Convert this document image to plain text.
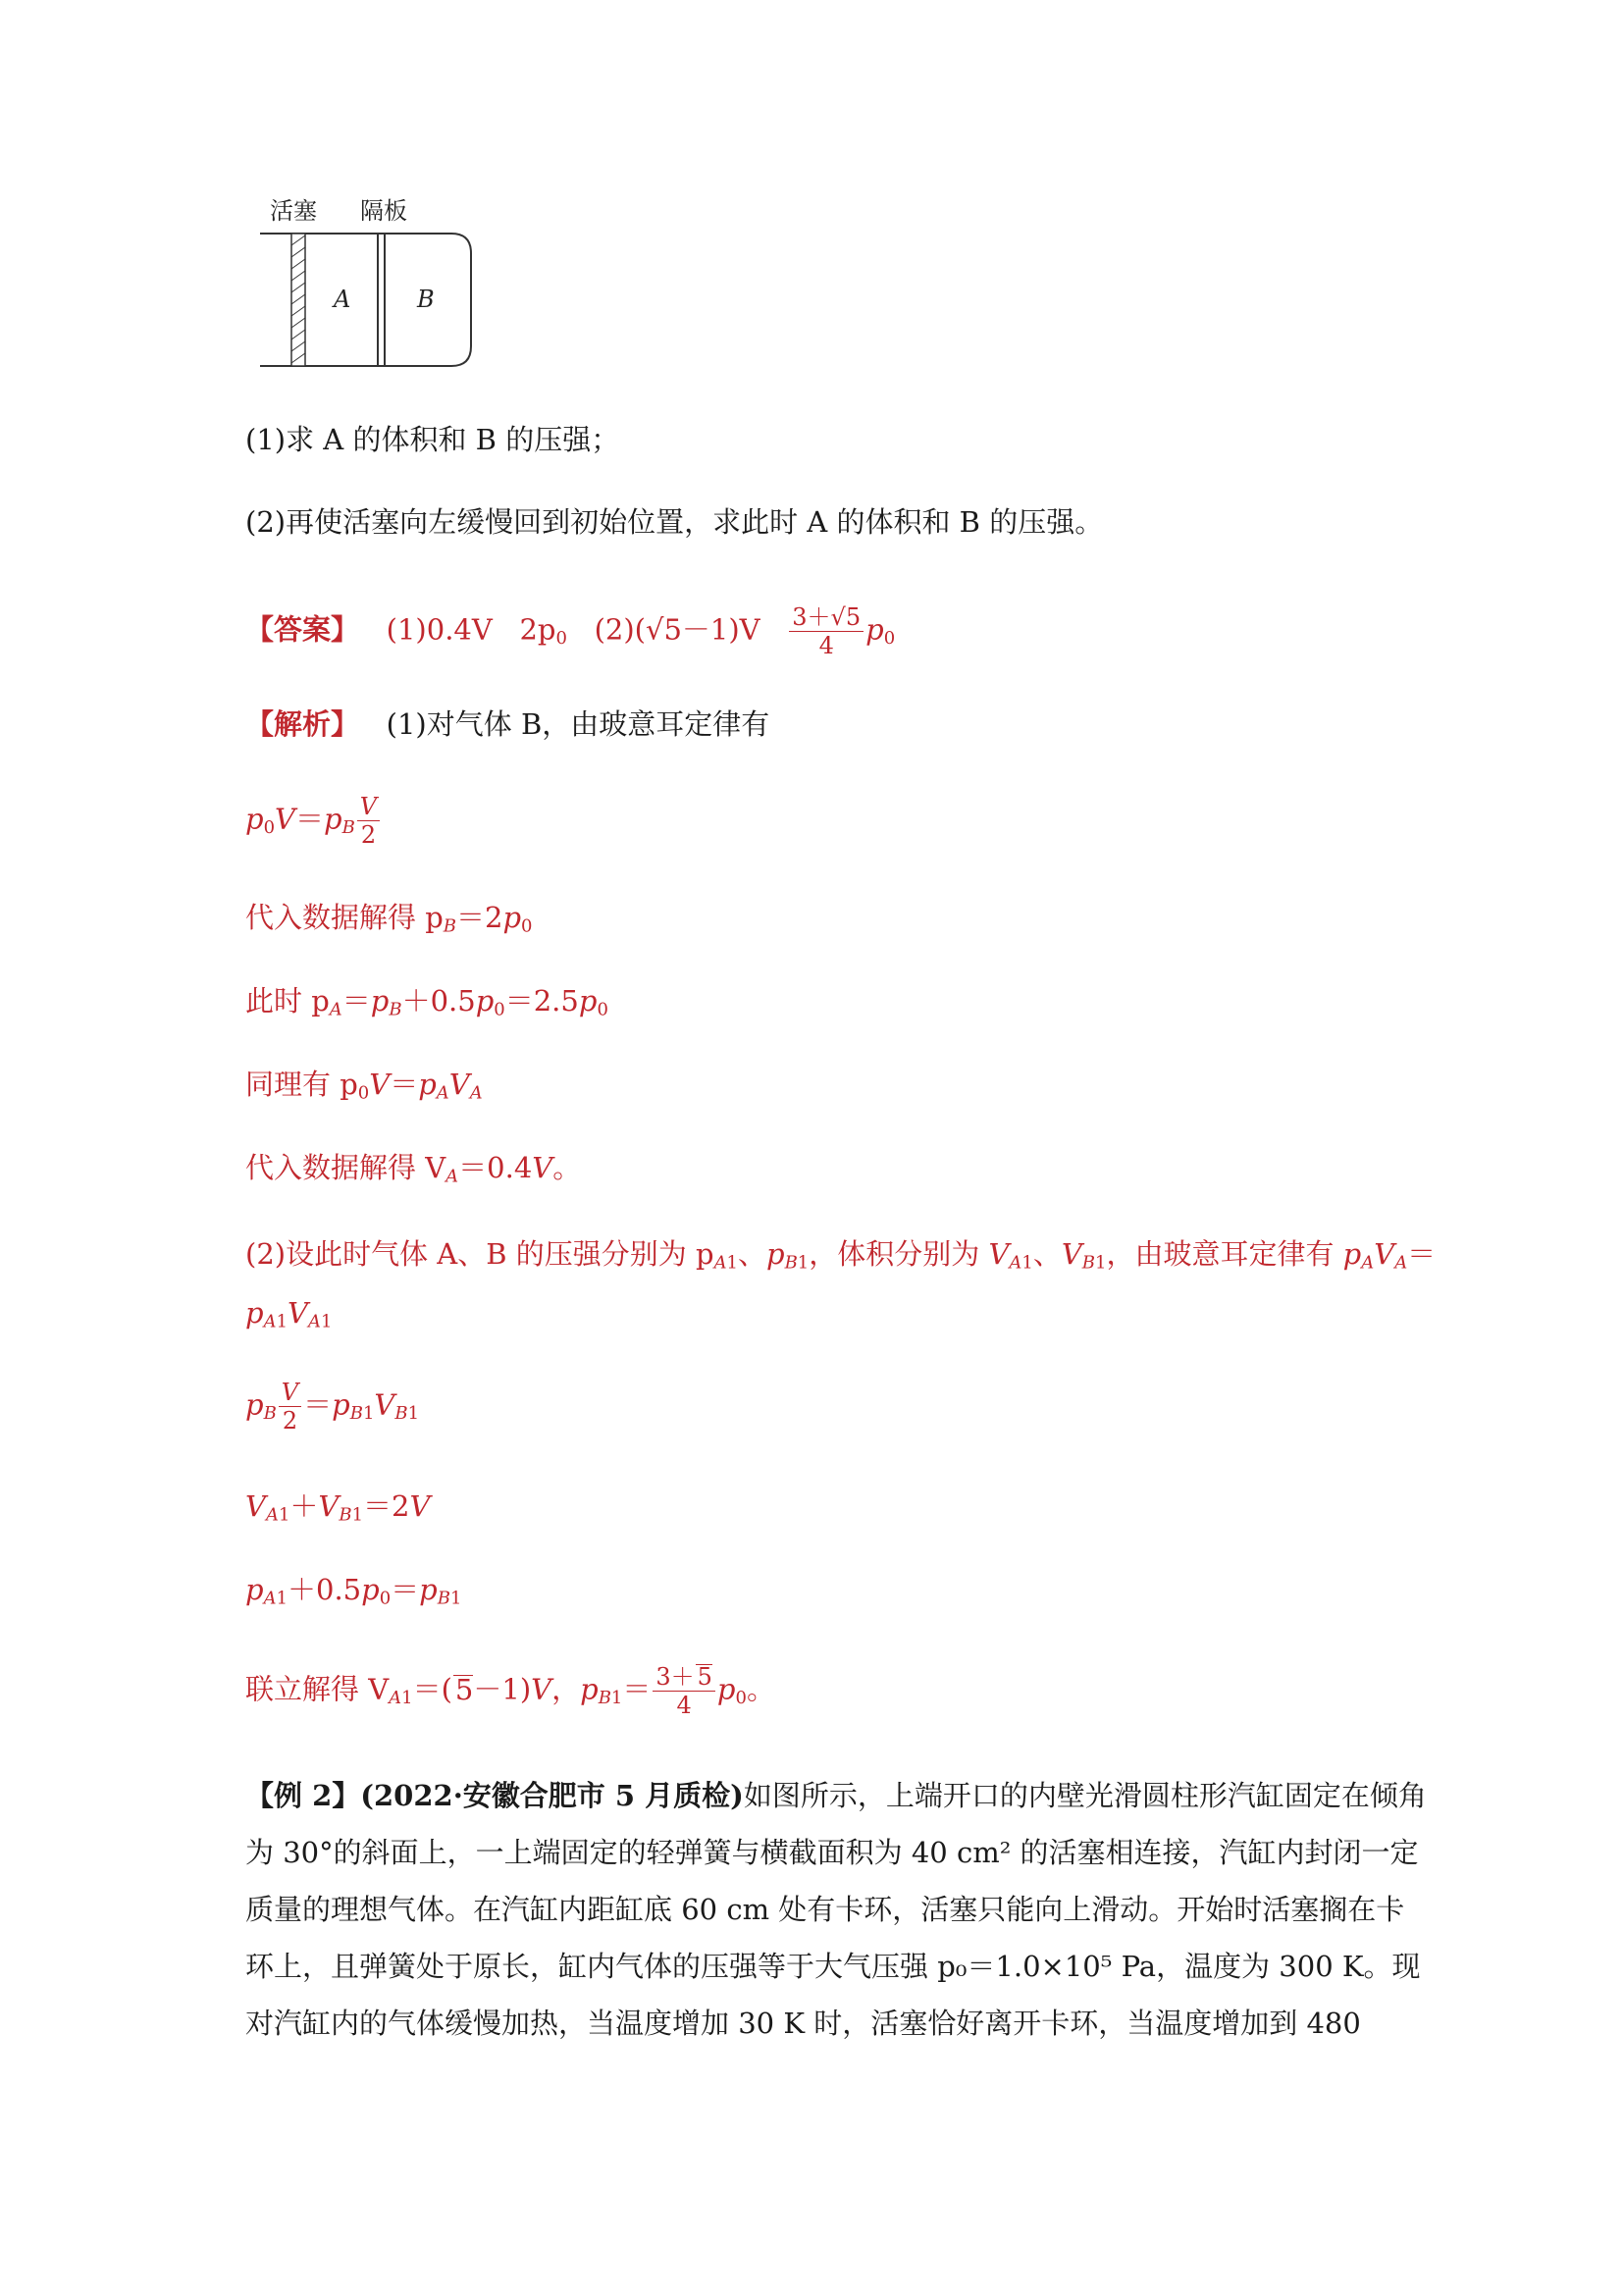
活塞 隔板
A	B
(1)求 A 的体积和 B 的压强；
(2)再使活塞向左缓慢回到初始位置，求此时 A 的体积和 B 的压强。
【答案】 (1)0.4V $2p_0$ $(2)(√5-1)V \frac{3+√5}{4} p_0$
【解析】 (1)对气体 B，由玻意耳定律有
$p_0V=p_B \frac{V}{2}$
代入数据解得 $p_B=2p_0$
此时 $p_A=p_B+0.5p_0=2.5p_0$
同理有 $p_0V=p_AV_A$
代入数据解得 $V_A=0.4V$。
(2)设此时气体 A、B 的压强分别为 $p_{A1}$、$p_{B1}$，体积分别为 $V_{A1}$、$V_{B1}$，由玻意耳定律有 $p_AV_A=$
$p_{A1}V_{A1}$
$p_B \frac{V}{2} =p_{B1}V_{B1}$
$V_{A1}+V_{B1}=2V$
$p_{A1}+0.5p_0=p_{B1}$
联立解得 $V_{A1}=$( 5－1)V，$p_{B1}= \frac{3+ 5}{4} p_0$。
【例 2】(2022·安徽合肥市 5 月质检)如图所示，上端开口的内壁光滑圆柱形汽缸固定在倾角
为 30°的斜面上，一上端固定的轻弹簧与横截面积为 40 cm² 的活塞相连接，汽缸内封闭一定
质量的理想气体。在汽缸内距缸底 60 cm 处有卡环，活塞只能向上滑动。开始时活塞搁在卡
环上，且弹簧处于原长，缸内气体的压强等于大气压强 p₀＝1.0×10⁵ Pa，温度为 300 K。现
对汽缸内的气体缓慢加热，当温度增加 30 K 时，活塞恰好离开卡环，当温度增加到 480
